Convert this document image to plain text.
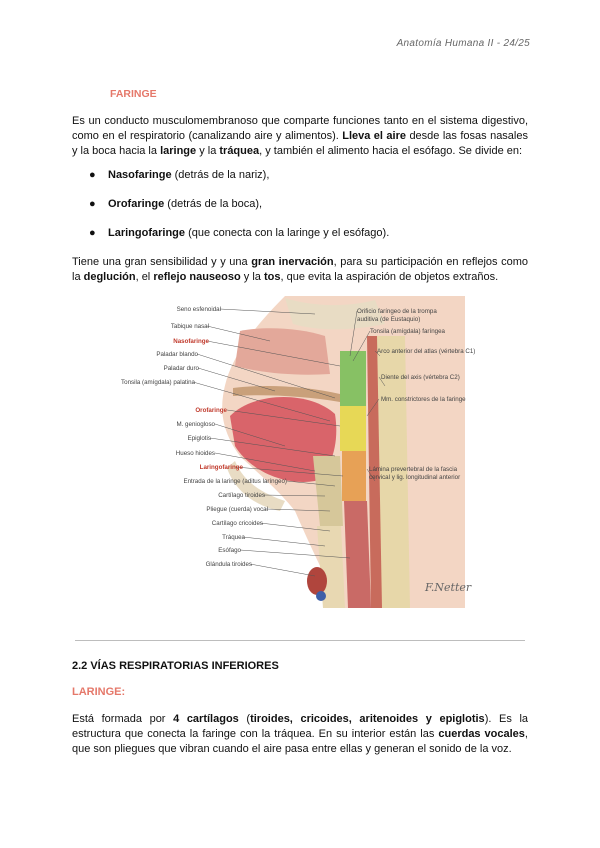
Anatomía Humana II - 24/25
FARINGE

Es un conducto musculomembranoso que comparte funciones tanto en el sistema digestivo, como en el respiratorio (canalizando aire y alimentos). Lleva el aire desde las fosas nasales y la boca hacia la laringe y la tráquea, y también el alimento hacia el esófago. Se divide en:

● Nasofaringe (detrás de la nariz),
● Orofaringe (detrás de la boca),
● Laringofaringe (que conecta con la laringe y el esófago).

Tiene una gran sensibilidad y y una gran inervación, para su participación en reflejos como la deglución, el reflejo nauseoso y la tos, que evita la aspiración de objetos extraños.

Seno esfenoidal
Tabique nasal
Nasofaringe
Paladar blando
Paladar duro
Tonsila (amígdala) palatina
Orofaringe
M. geniogloso
Epiglotis
Hueso hioides
Laringofaringe
Entrada de la laringe (aditus laríngeo)
Cartílago tiroides
Pliegue (cuerda) vocal
Cartílago cricoides
Tráquea
Esófago
Glándula tiroides
Orificio faríngeo de la trompa
auditiva (de Eustaquio)
Tonsila (amígdala) faríngea
Arco anterior del atlas (vértebra C1)
Diente del axis (vértebra C2)
Mm. constrictores de la faringe
Lámina prevertebral de la fascia
cervical y lig. longitudinal anterior
F.Netter
2.2 VÍAS RESPIRATORIAS INFERIORES
LARINGE:

Está formada por 4 cartílagos (tiroides, cricoides, aritenoides y epiglotis). Es la estructura que conecta la faringe con la tráquea. En su interior están las cuerdas vocales, que son pliegues que vibran cuando el aire pasa entre ellas y generan el sonido de la voz.
